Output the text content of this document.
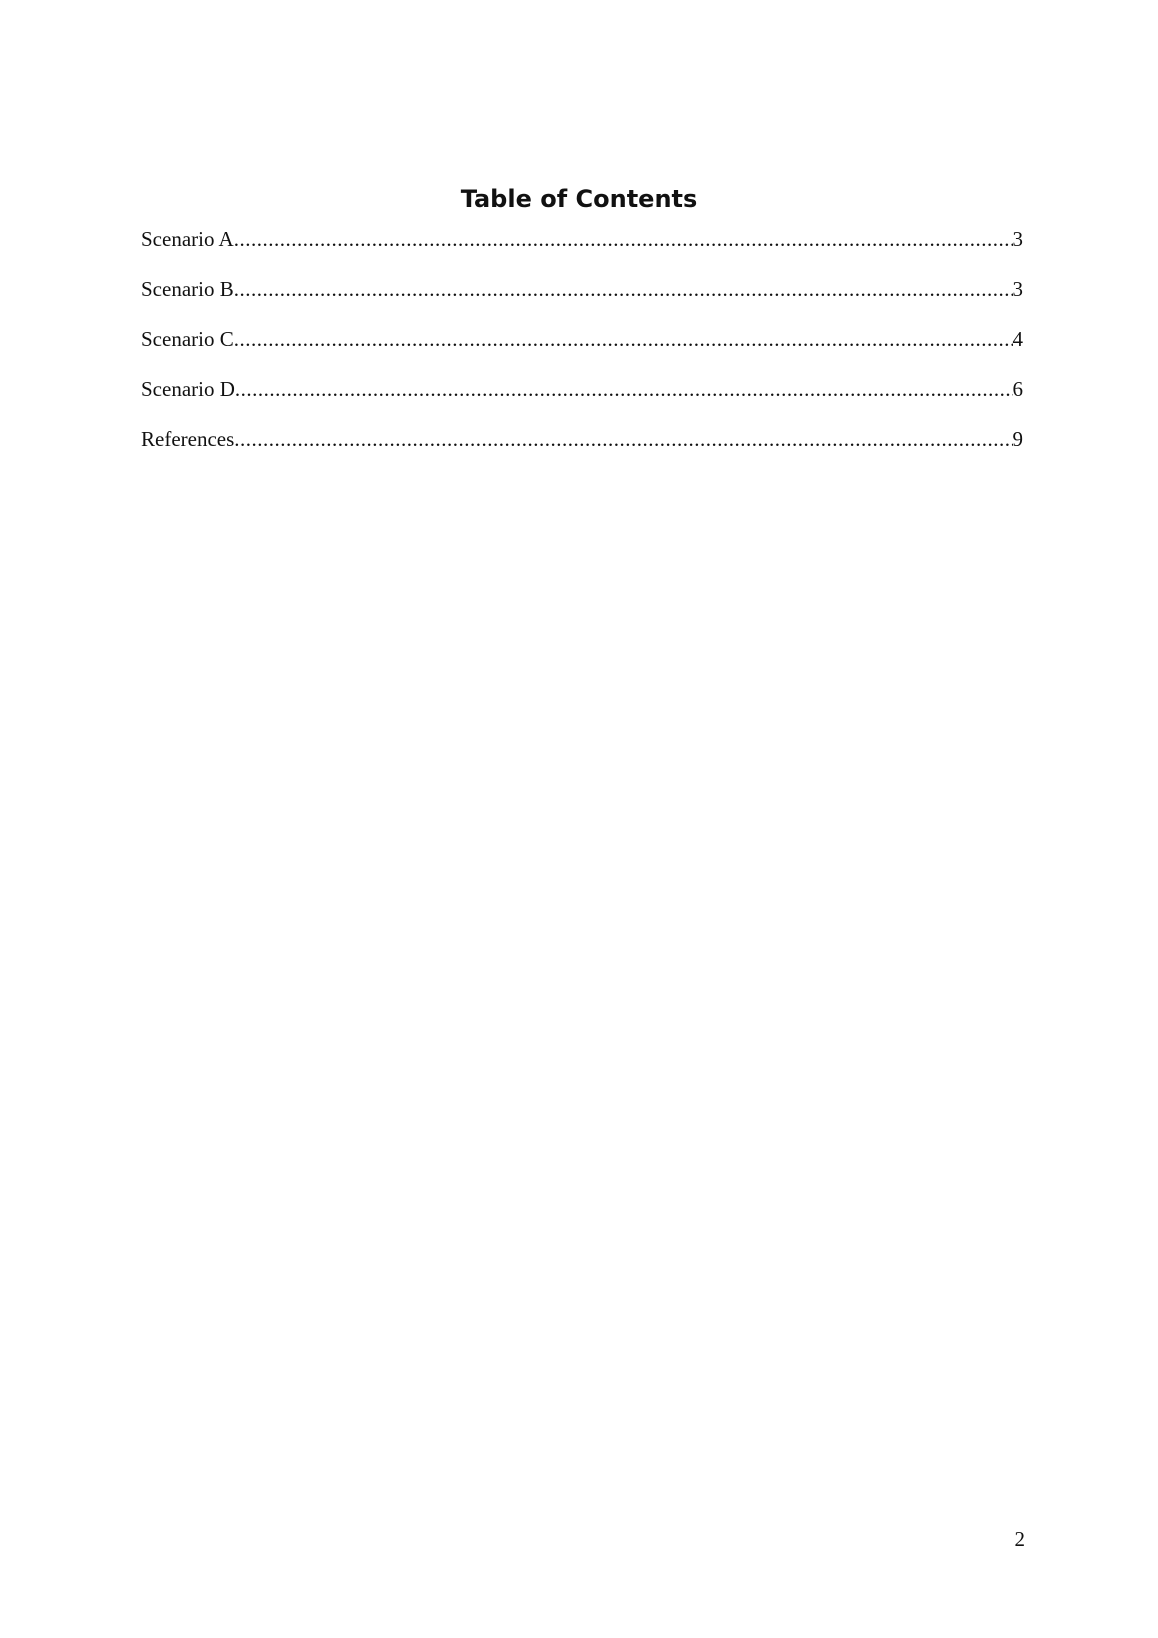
Table of Contents
Scenario A .....	3
Scenario B .....	3
Scenario C .....	4
Scenario D .....	6
References .....	9
2
